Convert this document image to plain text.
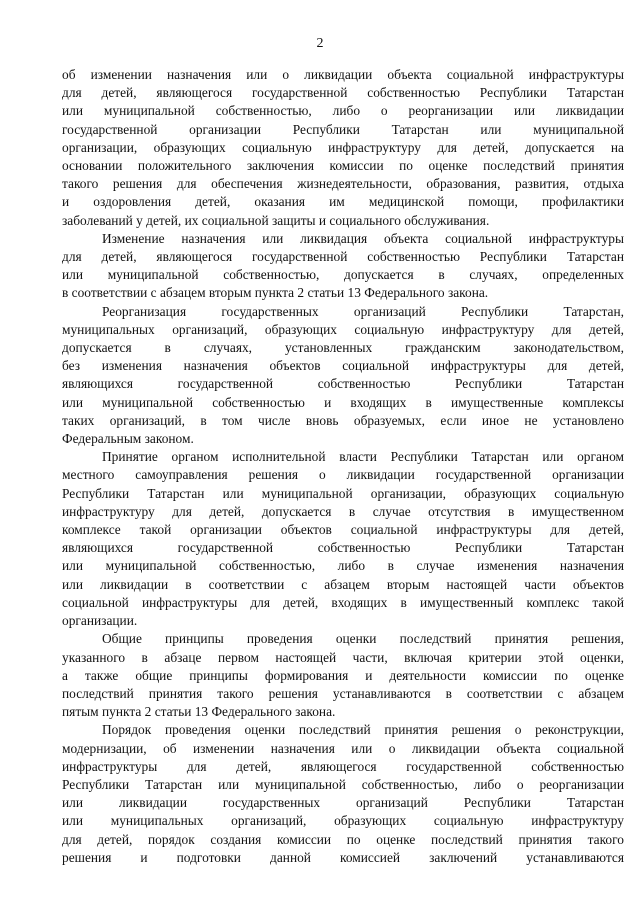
2
об изменении назначения или о ликвидации объекта социальной инфраструктуры
для детей, являющегося государственной собственностью Республики Татарстан
или муниципальной собственностью, либо о реорганизации или ликвидации
государственной организации Республики Татарстан или муниципальной
организации, образующих социальную инфраструктуру для детей, допускается на
основании положительного заключения комиссии по оценке последствий принятия
такого решения для обеспечения жизнедеятельности, образования, развития, отдыха
и оздоровления детей, оказания им медицинской помощи, профилактики
заболеваний у детей, их социальной защиты и социального обслуживания.
Изменение назначения или ликвидация объекта социальной инфраструктуры
для детей, являющегося государственной собственностью Республики Татарстан
или муниципальной собственностью, допускается в случаях, определенных
в соответствии с абзацем вторым пункта 2 статьи 13 Федерального закона.
Реорганизация государственных организаций Республики Татарстан,
муниципальных организаций, образующих социальную инфраструктуру для детей,
допускается в случаях, установленных гражданским законодательством,
без изменения назначения объектов социальной инфраструктуры для детей,
являющихся государственной собственностью Республики Татарстан
или муниципальной собственностью и входящих в имущественные комплексы
таких организаций, в том числе вновь образуемых, если иное не установлено
Федеральным законом.
Принятие органом исполнительной власти Республики Татарстан или органом
местного самоуправления решения о ликвидации государственной организации
Республики Татарстан или муниципальной организации, образующих социальную
инфраструктуру для детей, допускается в случае отсутствия в имущественном
комплексе такой организации объектов социальной инфраструктуры для детей,
являющихся государственной собственностью Республики Татарстан
или муниципальной собственностью, либо в случае изменения назначения
или ликвидации в соответствии с абзацем вторым настоящей части объектов
социальной инфраструктуры для детей, входящих в имущественный комплекс такой
организации.
Общие принципы проведения оценки последствий принятия решения,
указанного в абзаце первом настоящей части, включая критерии этой оценки,
а также общие принципы формирования и деятельности комиссии по оценке
последствий принятия такого решения устанавливаются в соответствии с абзацем
пятым пункта 2 статьи 13 Федерального закона.
Порядок проведения оценки последствий принятия решения о реконструкции,
модернизации, об изменении назначения или о ликвидации объекта социальной
инфраструктуры для детей, являющегося государственной собственностью
Республики Татарстан или муниципальной собственностью, либо о реорганизации
или ликвидации государственных организаций Республики Татарстан
или муниципальных организаций, образующих социальную инфраструктуру
для детей, порядок создания комиссии по оценке последствий принятия такого
решения и подготовки данной комиссией заключений устанавливаются
